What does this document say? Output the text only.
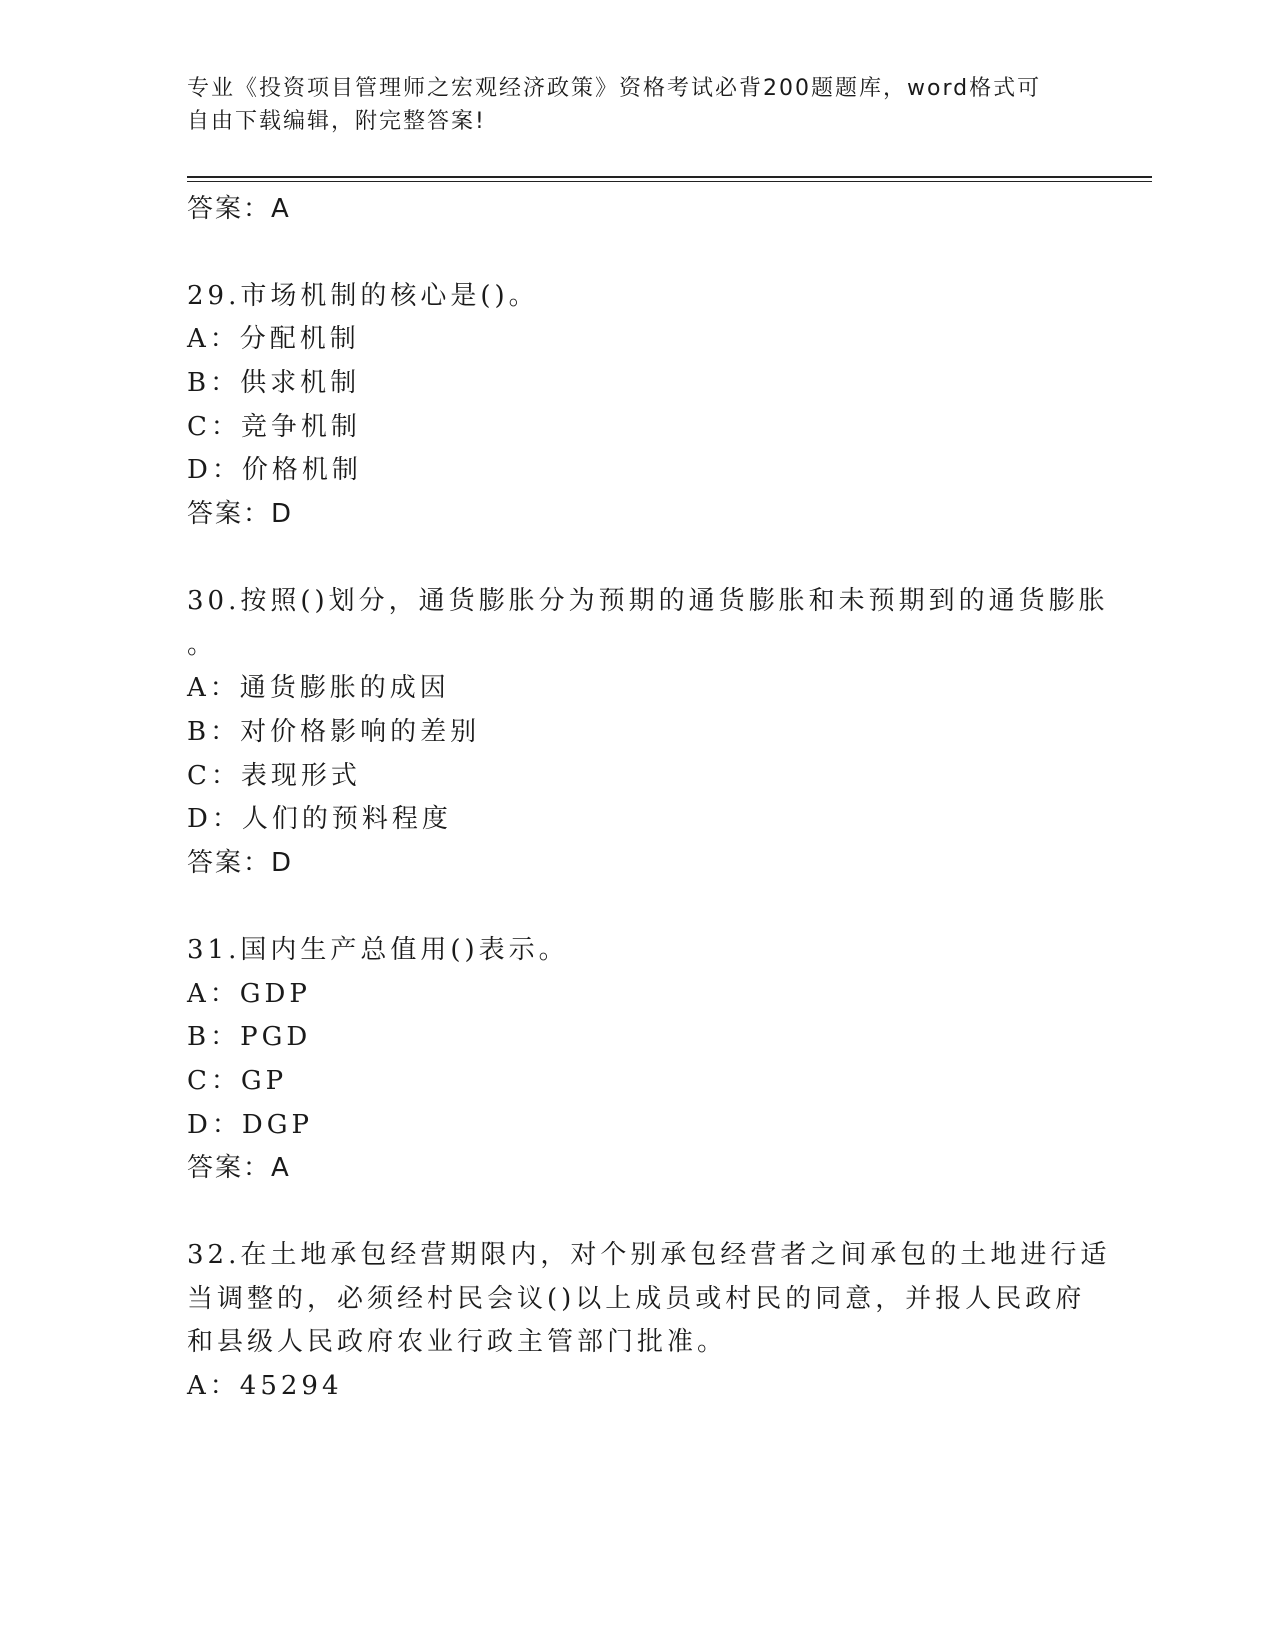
专业《投资项目管理师之宏观经济政策》资格考试必背200题题库，word格式可
自由下载编辑，附完整答案!
答案：A
29.市场机制的核心是()。
A：分配机制
B：供求机制
C：竞争机制
D：价格机制
答案：D
30.按照()划分，通货膨胀分为预期的通货膨胀和未预期到的通货膨胀
。
A：通货膨胀的成因
B：对价格影响的差别
C：表现形式
D：人们的预料程度
答案：D
31.国内生产总值用()表示。
A：GDP
B：PGD
C：GP
D：DGP
答案：A
32.在土地承包经营期限内，对个别承包经营者之间承包的土地进行适
当调整的，必须经村民会议()以上成员或村民的同意，并报人民政府
和县级人民政府农业行政主管部门批准。
A：45294
